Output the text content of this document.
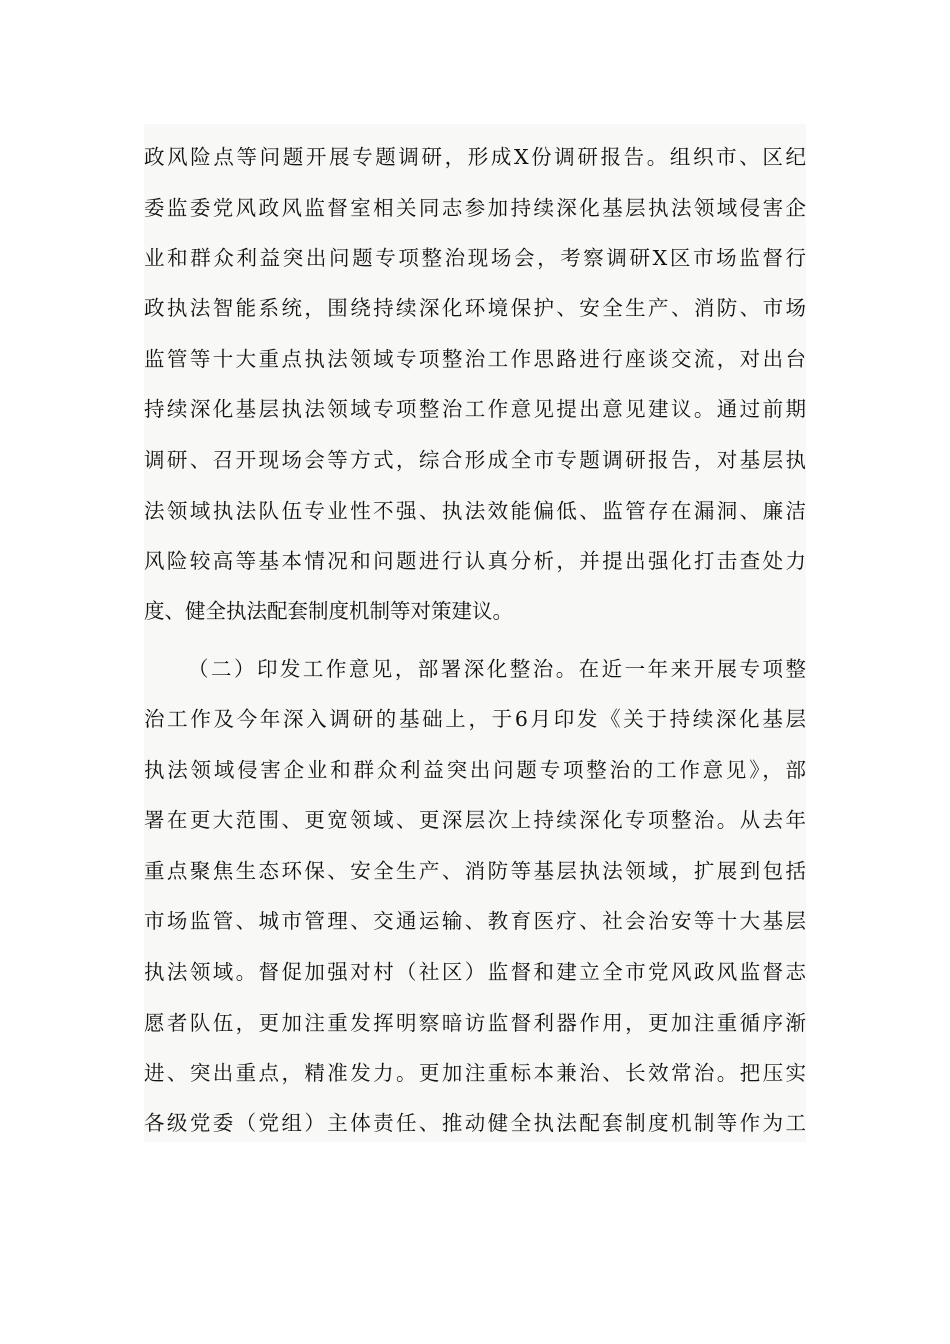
政风险点等问题开展专题调研，形成X份调研报告。组织市、区纪
委监委党风政风监督室相关同志参加持续深化基层执法领域侵害企
业和群众利益突出问题专项整治现场会，考察调研X区市场监督行
政执法智能系统，围绕持续深化环境保护、安全生产、消防、市场
监管等十大重点执法领域专项整治工作思路进行座谈交流，对出台
持续深化基层执法领域专项整治工作意见提出意见建议。通过前期
调研、召开现场会等方式，综合形成全市专题调研报告，对基层执
法领域执法队伍专业性不强、执法效能偏低、监管存在漏洞、廉洁
风险较高等基本情况和问题进行认真分析，并提出强化打击查处力
度、健全执法配套制度机制等对策建议。
（二）印发工作意见，部署深化整治。在近一年来开展专项整
治工作及今年深入调研的基础上，于6月印发《关于持续深化基层
执法领域侵害企业和群众利益突出问题专项整治的工作意见》，部
署在更大范围、更宽领域、更深层次上持续深化专项整治。从去年
重点聚焦生态环保、安全生产、消防等基层执法领域，扩展到包括
市场监管、城市管理、交通运输、教育医疗、社会治安等十大基层
执法领域。督促加强对村（社区）监督和建立全市党风政风监督志
愿者队伍，更加注重发挥明察暗访监督利器作用，更加注重循序渐
进、突出重点，精准发力。更加注重标本兼治、长效常治。把压实
各级党委（党组）主体责任、推动健全执法配套制度机制等作为工
